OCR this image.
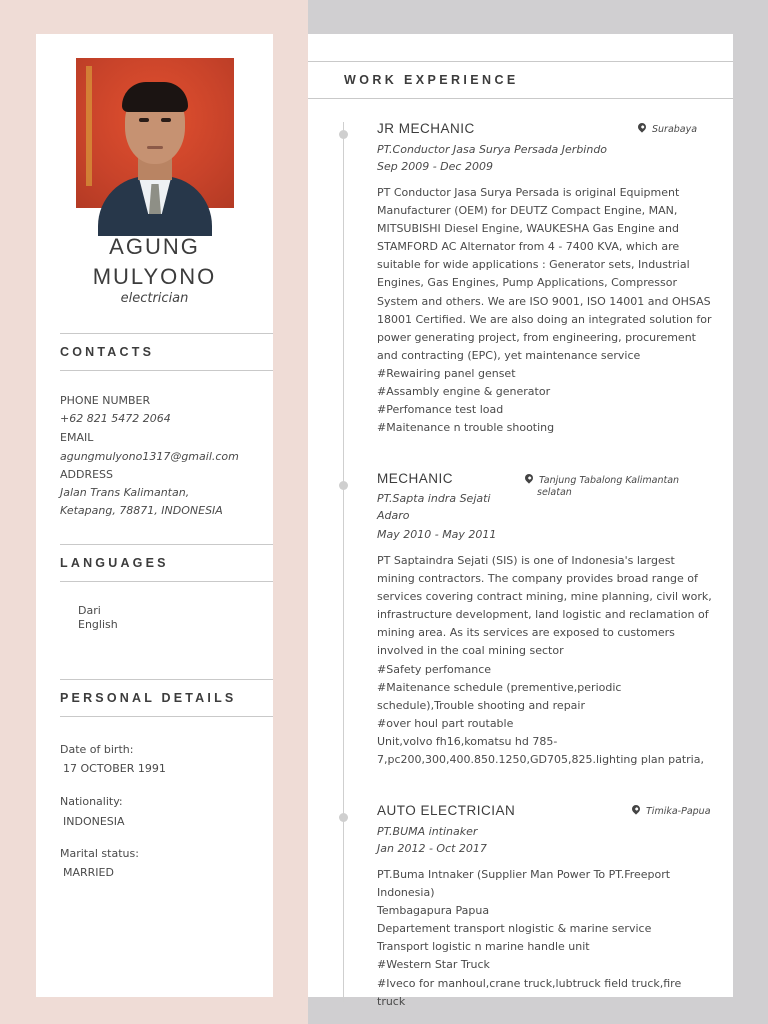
AGUNG
MULYONO
electrician
CONTACTS
PHONE NUMBER
+62 821 5472 2064
EMAIL
agungmulyono1317@gmail.com
ADDRESS
Jalan Trans Kalimantan,
Ketapang, 78871, INDONESIA
LANGUAGES
Dari
English
PERSONAL DETAILS
Date of birth:
17 OCTOBER 1991
Nationality:
INDONESIA
Marital status:
MARRIED
WORK EXPERIENCE
JR MECHANIC	Surabaya
PT.Conductor Jasa Surya Persada Jerbindo
Sep 2009 - Dec 2009

PT Conductor Jasa Surya Persada is original Equipment

Manufacturer (OEM) for DEUTZ Compact Engine, MAN,

MITSUBISHI Diesel Engine, WAUKESHA Gas Engine and

STAMFORD AC Alternator from 4 - 7400 KVA, which are

suitable for wide applications : Generator sets, Industrial

Engines, Gas Engines, Pump Applications, Compressor

System and others. We are ISO 9001, ISO 14001 and OHSAS

18001 Certified. We are also doing an integrated solution for

power generating project, from engineering, procurement

and contracting (EPC), yet maintenance service

#Rewairing panel genset

#Assambly engine & generator

#Perfomance test load

#Maitenance n trouble shooting

MECHANIC	Tanjung Tabalong Kalimantan
selatan
PT.Sapta indra Sejati
Adaro
May 2010 - May 2011

PT Saptaindra Sejati (SIS) is one of Indonesia's largest

mining contractors. The company provides broad range of

services covering contract mining, mine planning, civil work,

infrastructure development, land logistic and reclamation of

mining area. As its services are exposed to customers

involved in the coal mining sector

#Safety perfomance

#Maitenance schedule (prementive,periodic

schedule),Trouble shooting and repair

#over houl part routable

Unit,volvo fh16,komatsu hd 785-

7,pc200,300,400.850.1250,GD705,825.lighting plan patria,

AUTO ELECTRICIAN	Timika-Papua
PT.BUMA intinaker
Jan 2012 - Oct 2017

PT.Buma Intnaker (Supplier Man Power To PT.Freeport

Indonesia)

Tembagapura Papua

Departement transport nlogistic & marine service

Transport logistic n marine handle unit

#Western Star Truck

#Iveco for manhoul,crane truck,lubtruck field truck,fire truck
